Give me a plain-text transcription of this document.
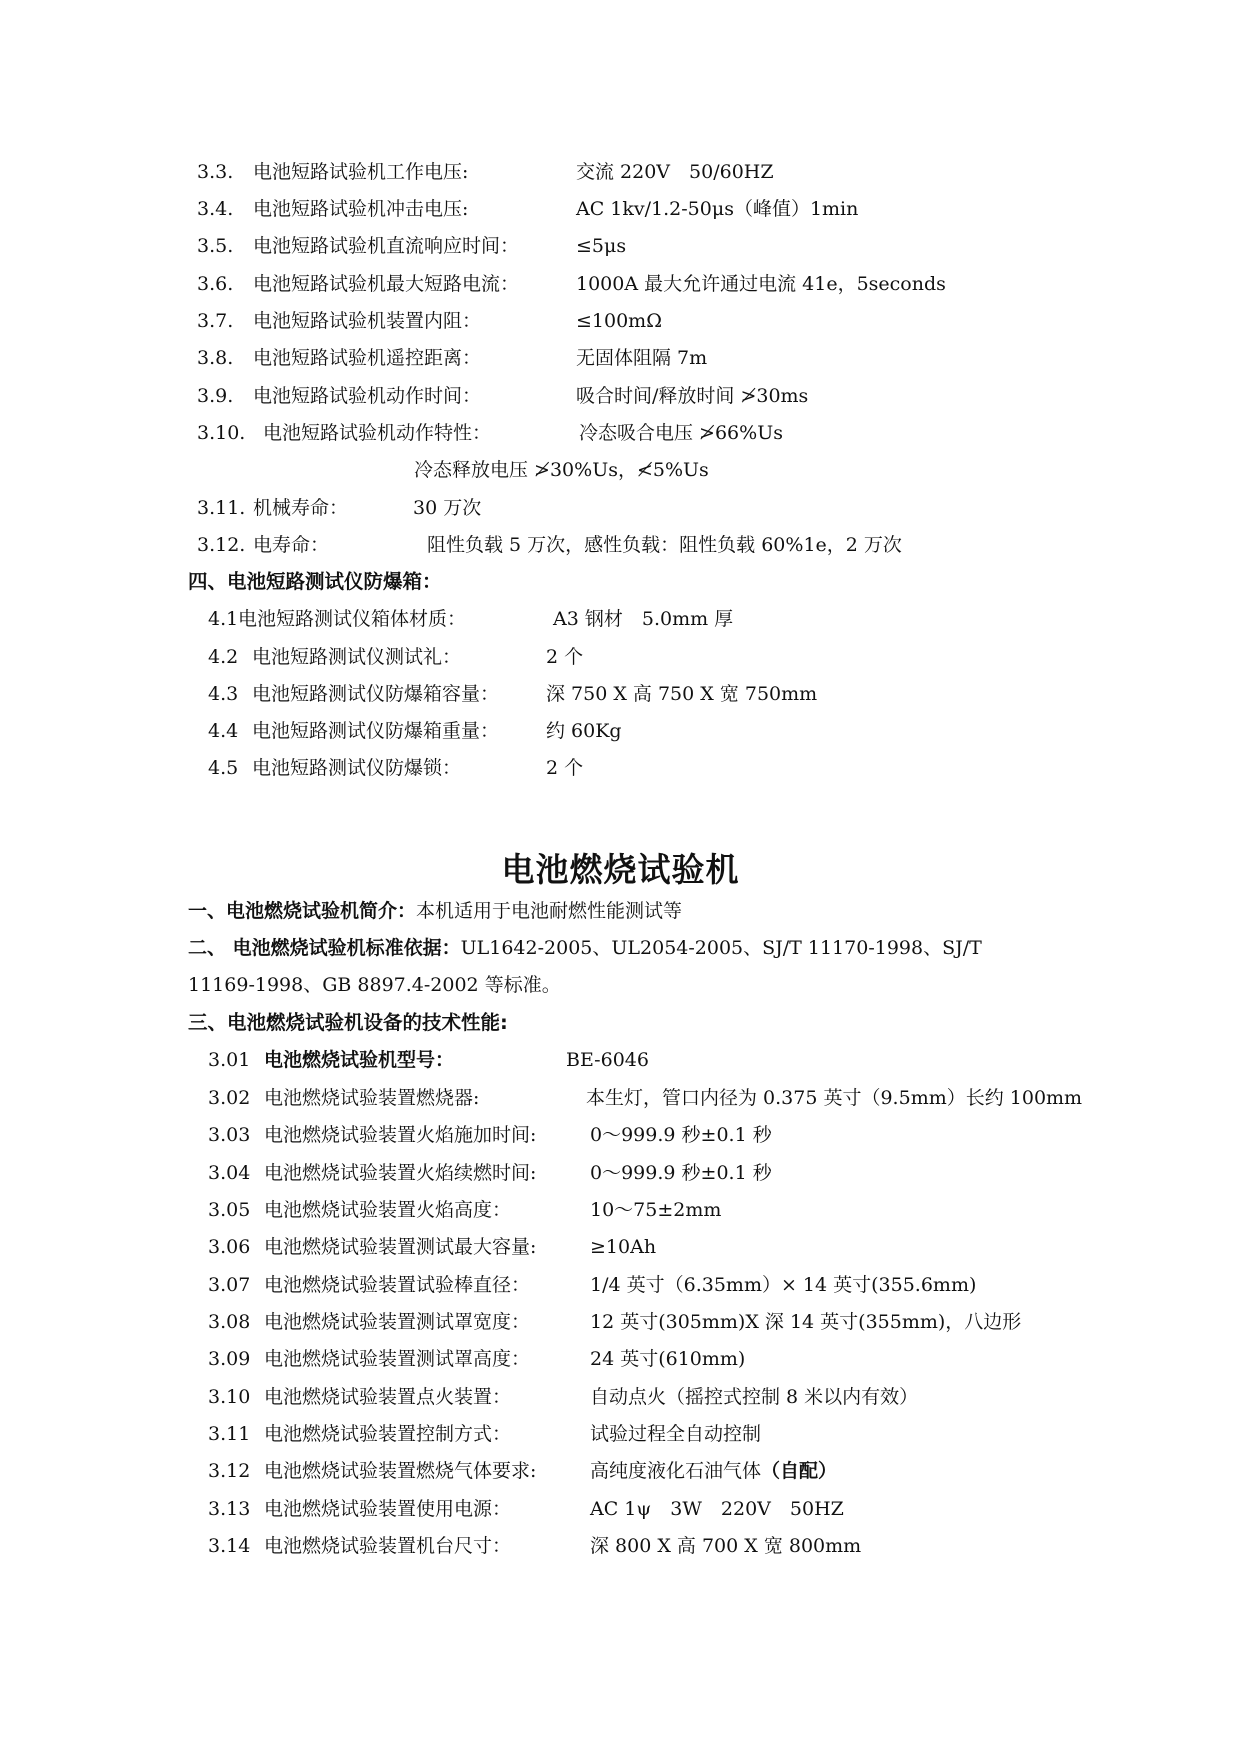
3.3. 电池短路试验机工作电压:	交流 220V　50/60HZ
3.4. 电池短路试验机冲击电压:	AC 1kv/1.2-50μs（峰值）1min
3.5. 电池短路试验机直流响应时间：	≤5μs
3.6. 电池短路试验机最大短路电流：	1000A 最大允许通过电流 41e，5seconds
3.7. 电池短路试验机装置内阻：	≤100mΩ
3.8. 电池短路试验机遥控距离：	无固体阻隔 7m
3.9. 电池短路试验机动作时间：	吸合时间/释放时间 ≯30ms
3.10. 电池短路试验机动作特性：	冷态吸合电压 ≯66%Us
冷态释放电压 ≯30%Us，≮5%Us
3.11. 机械寿命：	30 万次
3.12. 电寿命：	阻性负载 5 万次，感性负载：阻性负载 60%1e，2 万次
四、电池短路测试仪防爆箱：
4.1 电池短路测试仪箱体材质：	A3 钢材　5.0mm 厚
4.2 电池短路测试仪测试礼：	2 个
4.3 电池短路测试仪防爆箱容量： 深 750 X 高 750 X 宽 750mm
4.4 电池短路测试仪防爆箱重量： 约 60Kg
4.5 电池短路测试仪防爆锁：	2 个
电池燃烧试验机
一、电池燃烧试验机简介：本机适用于电池耐燃性能测试等
二、 电池燃烧试验机标准依据：UL1642-2005、UL2054-2005、SJ/T 11170-1998、SJ/T
11169-1998、GB 8897.4-2002 等标准。
三、电池燃烧试验机设备的技术性能:
3.01 电池燃烧试验机型号：	BE-6046
3.02 电池燃烧试验装置燃烧器:	本生灯，管口内径为 0.375 英寸（9.5mm）长约 100mm
3.03 电池燃烧试验装置火焰施加时间:	0～999.9 秒±0.1 秒
3.04 电池燃烧试验装置火焰续燃时间:	0～999.9 秒±0.1 秒
3.05 电池燃烧试验装置火焰高度：	10～75±2mm
3.06 电池燃烧试验装置测试最大容量:	≥10Ah
3.07 电池燃烧试验装置试验棒直径：	1/4 英寸（6.35mm）× 14 英寸(355.6mm)
3.08 电池燃烧试验装置测试罩宽度：	12 英寸(305mm)X 深 14 英寸(355mm)，八边形
3.09 电池燃烧试验装置测试罩高度：	24 英寸(610mm)
3.10 电池燃烧试验装置点火装置：	自动点火（摇控式控制 8 米以内有效）
3.11 电池燃烧试验装置控制方式：	试验过程全自动控制
3.12 电池燃烧试验装置燃烧气体要求:	高纯度液化石油气体（自配）
3.13 电池燃烧试验装置使用电源：	AC 1ψ　3W　220V　50HZ
3.14 电池燃烧试验装置机台尺寸：	深 800 X 高 700 X 宽 800mm
